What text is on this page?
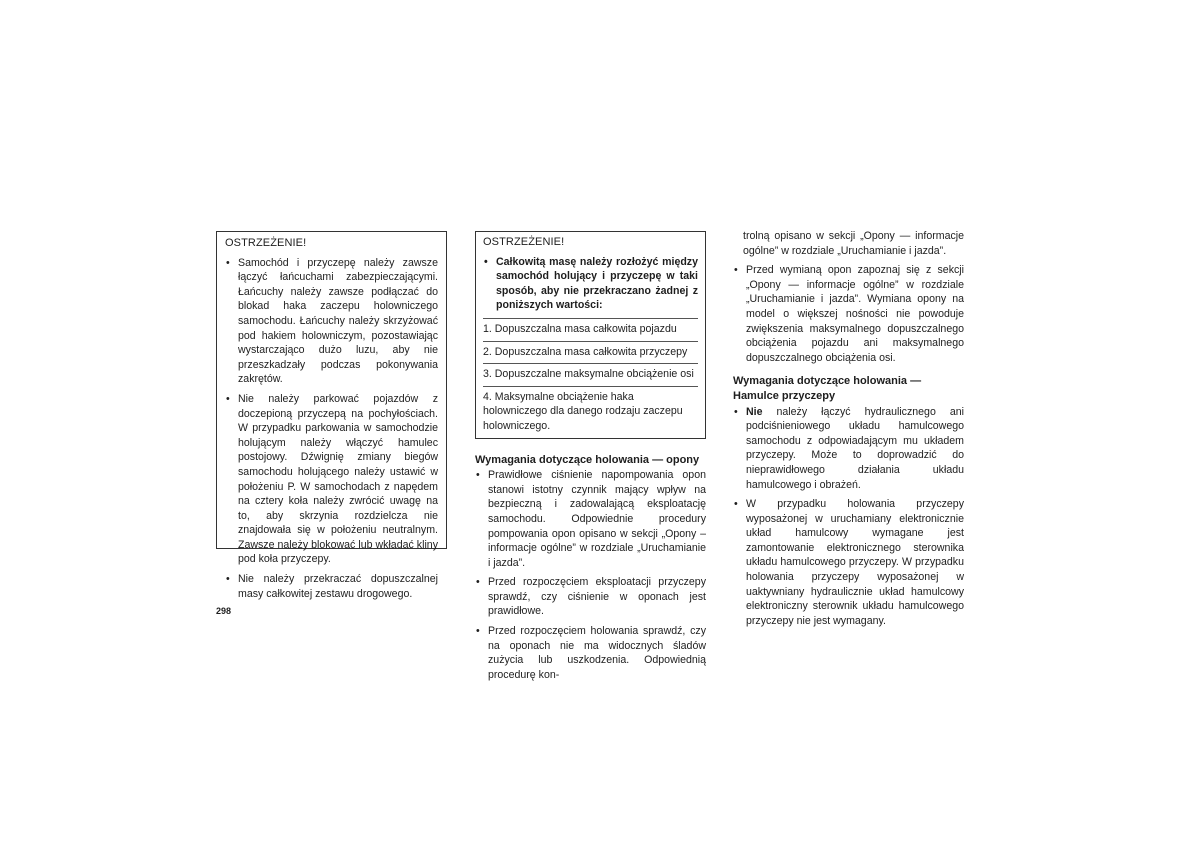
OSTRZEŻENIE!

• Samochód i przyczepę należy zawsze łączyć łańcuchami zabezpieczającymi. Łańcuchy należy zawsze podłączać do blokad haka zaczepu holowniczego samochodu. Łańcuchy należy skrzyżować pod hakiem holowniczym, pozostawiając wystarczająco dużo luzu, aby nie przeszkadzały podczas pokonywania zakrętów.
• Nie należy parkować pojazdów z doczepioną przyczepą na pochyłościach. W przypadku parkowania w samochodzie holującym należy włączyć hamulec postojowy. Dźwignię zmiany biegów samochodu holującego należy ustawić w położeniu P. W samochodach z napędem na cztery koła należy zwrócić uwagę na to, aby skrzynia rozdzielcza nie znajdowała się w położeniu neutralnym. Zawsze należy blokować lub wkładać kliny pod koła przyczepy.
• Nie należy przekraczać dopuszczalnej masy całkowitej zestawu drogowego.

OSTRZEŻENIE!

• Całkowitą masę należy rozłożyć między samochód holujący i przyczepę w taki sposób, aby nie przekraczano żadnej z poniższych wartości:
1. Dopuszczalna masa całkowita pojazdu
2. Dopuszczalna masa całkowita przyczepy
3. Dopuszczalne maksymalne obciążenie osi
4. Maksymalne obciążenie haka holowniczego dla danego rodzaju zaczepu holowniczego.

Wymagania dotyczące holowania — opony

• Prawidłowe ciśnienie napompowania opon stanowi istotny czynnik mający wpływ na bezpieczną i zadowalającą eksploatację samochodu. Odpowiednie procedury pompowania opon opisano w sekcji „Opony – informacje ogólne” w rozdziale „Uruchamianie i jazda”.
• Przed rozpoczęciem eksploatacji przyczepy sprawdź, czy ciśnienie w oponach jest prawidłowe.
• Przed rozpoczęciem holowania sprawdź, czy na oponach nie ma widocznych śladów zużycia lub uszkodzenia. Odpowiednią procedurę kon-

trolną opisano w sekcji „Opony — informacje ogólne” w rozdziale „Uruchamianie i jazda”.

• Przed wymianą opon zapoznaj się z sekcji „Opony — informacje ogólne” w rozdziale „Uruchamianie i jazda”. Wymiana opony na model o większej nośności nie powoduje zwiększenia maksymalnego dopuszczalnego obciążenia pojazdu ani maksymalnego dopuszczalnego obciążenia osi.

Wymagania dotyczące holowania — Hamulce przyczepy

• Nie należy łączyć hydraulicznego ani podciśnieniowego układu hamulcowego samochodu z odpowiadającym mu układem przyczepy. Może to doprowadzić do nieprawidłowego działania układu hamulcowego i obrażeń.
• W przypadku holowania przyczepy wyposażonej w uruchamiany elektronicznie układ hamulcowy wymagane jest zamontowanie elektronicznego sterownika układu hamulcowego przyczepy. W przypadku holowania przyczepy wyposażonej w uaktywniany hydraulicznie układ hamulcowy elektroniczny sterownik układu hamulcowego przyczepy nie jest wymagany.
298
